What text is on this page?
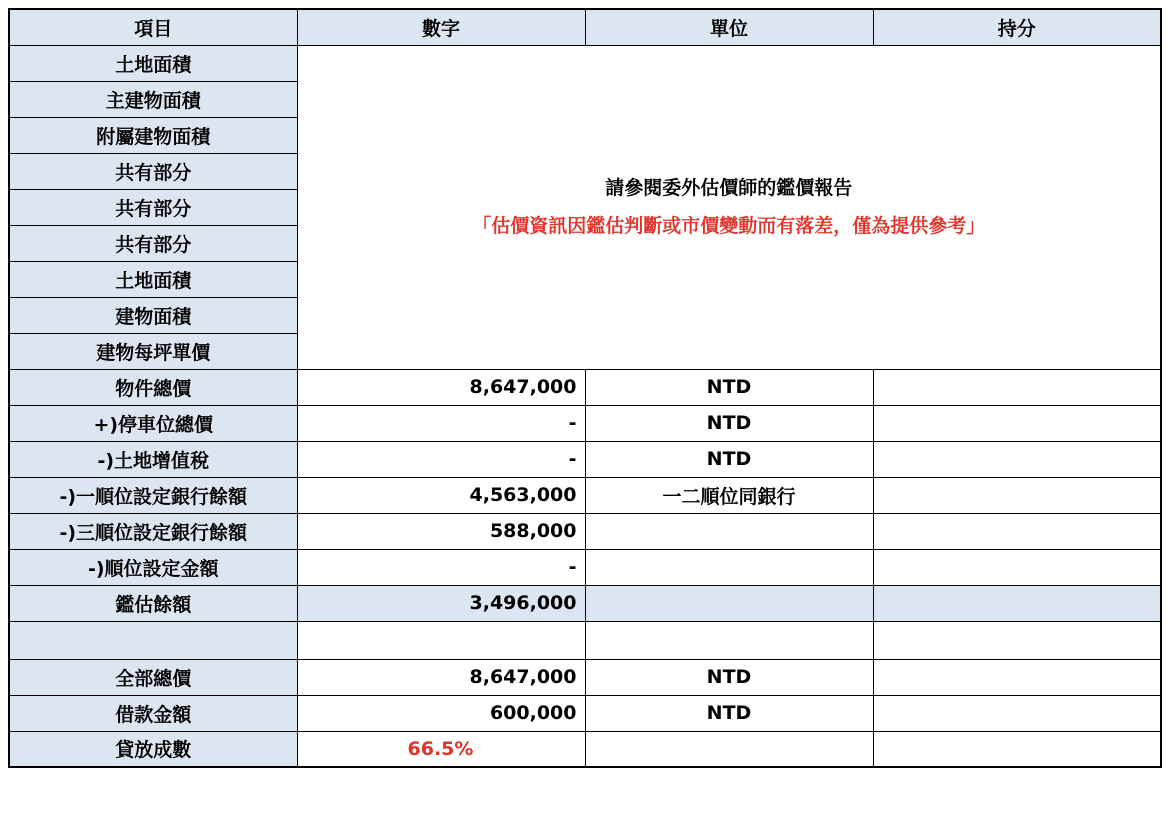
項目	數字	單位	持分
土地面積	請參閱委外估價師的鑑價報告
「估價資訊因鑑估判斷或市價變動而有落差，僅為提供參考」		

主建物面積			
附屬建物面積			
共有部分			
共有部分			
共有部分			
土地面積			
建物面積			
建物每坪單價			
物件總價	8,647,000	NTD	
+)停車位總價	-	NTD	
-)土地增值稅	-	NTD	
-)一順位設定銀行餘額	4,563,000	一二順位同銀行	
-)三順位設定銀行餘額	588,000		
-)順位設定金額	-		
鑑估餘額	3,496,000		

全部總價	8,647,000	NTD	
借款金額	600,000	NTD	
貸放成數	66.5%		
